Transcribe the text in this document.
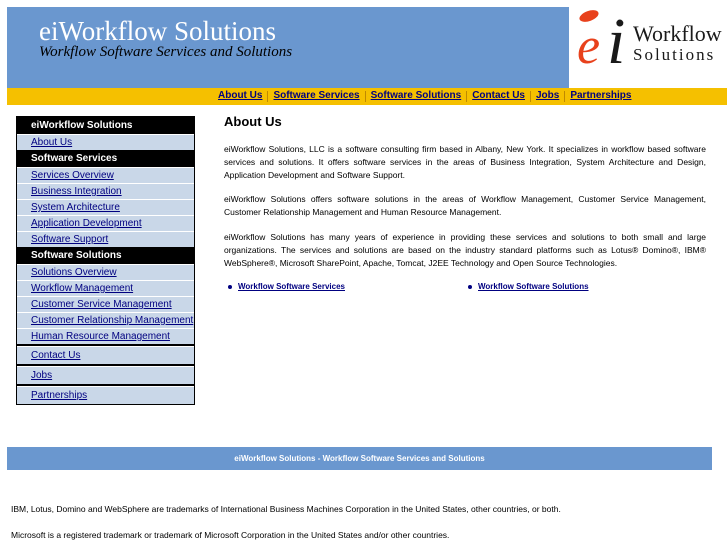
eiWorkflow Solutions
Workflow Software Services and Solutions	e i Workflow
Solutions
About Us Software Services Software Solutions Contact Us Jobs Partnerships
eiWorkflow Solutions
About Us
Software Services
Services Overview
Business Integration
System Architecture
Application Development
Software Support
Software Solutions
Solutions Overview
Workflow Management
Customer Service Management
Customer Relationship Management
Human Resource Management
Contact Us
Jobs
Partnerships
About Us

eiWorkflow Solutions, LLC is a software consulting firm based in Albany, New York. It specializes in workflow based software services and solutions. It offers software services in the areas of Business Integration, System Architecture and Design, Application Development and Software Support.

eiWorkflow Solutions offers software solutions in the areas of Workflow Management, Customer Service Management, Customer Relationship Management and Human Resource Management.

eiWorkflow Solutions has many years of experience in providing these services and solutions to both small and large organizations. The services and solutions are based on the industry standard platforms such as Lotus® Domino®, IBM® WebSphere®, Microsoft SharePoint, Apache, Tomcat, J2EE Technology and Open Source Technologies.

Workflow Software Services	Workflow Software Solutions
eiWorkflow Solutions - Workflow Software Services and Solutions
IBM, Lotus, Domino and WebSphere are trademarks of International Business Machines Corporation in the United States, other countries, or both.
Microsoft is a registered trademark or trademark of Microsoft Corporation in the United States and/or other countries.
